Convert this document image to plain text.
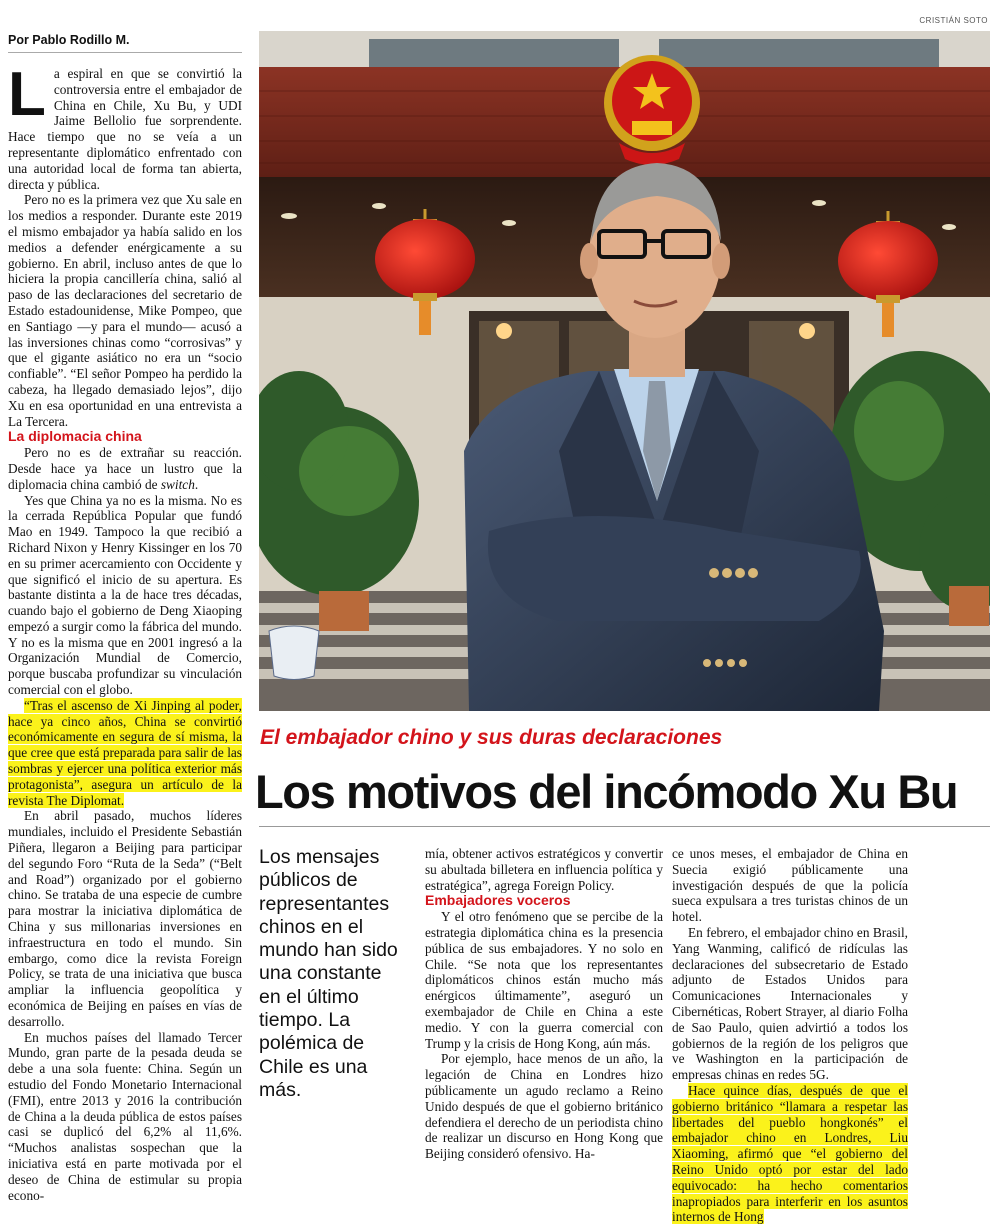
CRISTIÁN SOTO
Por Pablo Rodillo M.

La espiral en que se convirtió la controversia entre el embajador de China en Chile, Xu Bu, y UDI Jaime Bellolio fue sorprendente. Hace tiempo que no se veía a un representante diplomático enfrentado con una autoridad local de forma tan abierta, directa y pública.

Pero no es la primera vez que Xu sale en los medios a responder. Durante este 2019 el mismo embajador ya había salido en los medios a defender enérgicamente a su gobierno. En abril, incluso antes de que lo hiciera la propia cancillería china, salió al paso de las declaraciones del secretario de Estado estadounidense, Mike Pompeo, que en Santiago —y para el mundo— acusó a las inversiones chinas como “corrosivas” y que el gigante asiático no era un “socio confiable”. “El señor Pompeo ha perdido la cabeza, ha llegado demasiado lejos”, dijo Xu en esa oportunidad en una entrevista a La Tercera.

La diplomacia china

Pero no es de extrañar su reacción. Desde hace ya hace un lustro que la diplomacia china cambió de switch.

Yes que China ya no es la misma. No es la cerrada República Popular que fundó Mao en 1949. Tampoco la que recibió a Richard Nixon y Henry Kissinger en los 70 en su primer acercamiento con Occidente y que significó el inicio de su apertura. Es bastante distinta a la de hace tres décadas, cuando bajo el gobierno de Deng Xiaoping empezó a surgir como la fábrica del mundo. Y no es la misma que en 2001 ingresó a la Organización Mundial de Comercio, porque buscaba profundizar su vinculación comercial con el globo.

“Tras el ascenso de Xi Jinping al poder, hace ya cinco años, China se convirtió económicamente en segura de sí misma, la que cree que está preparada para salir de las sombras y ejercer una política exterior más protagonista”, asegura un artículo de la revista The Diplomat.

En abril pasado, muchos líderes mundiales, incluido el Presidente Sebastián Piñera, llegaron a Beijing para participar del segundo Foro “Ruta de la Seda” (“Belt and Road”) organizado por el gobierno chino. Se trataba de una especie de cumbre para mostrar la iniciativa diplomática de China y sus millonarias inversiones en infraestructura en todo el mundo. Sin embargo, como dice la revista Foreign Policy, se trata de una iniciativa que busca ampliar la influencia geopolítica y económica de Beijing en países en vías de desarrollo.

En muchos países del llamado Tercer Mundo, gran parte de la pesada deuda se debe a una sola fuente: China. Según un estudio del Fondo Monetario Internacional (FMI), entre 2013 y 2016 la contribución de China a la deuda pública de estos países casi se duplicó del 6,2% al 11,6%. “Muchos analistas sospechan que la iniciativa está en parte motivada por el deseo de China de estimular su propia econo-

El embajador chino y sus duras declaraciones
Los motivos del incómodo Xu Bu
Los mensajes públicos de representantes chinos en el mundo han sido una constante en el último tiempo. La polémica de Chile es una más.

mía, obtener activos estratégicos y convertir su abultada billetera en influencia política y estratégica”, agrega Foreign Policy.

Embajadores voceros

Y el otro fenómeno que se percibe de la estrategia diplomática china es la presencia pública de sus embajadores. Y no solo en Chile. “Se nota que los representantes diplomáticos chinos están mucho más enérgicos últimamente”, aseguró un exembajador de Chile en China a este medio. Y con la guerra comercial con Trump y la crisis de Hong Kong, aún más.

Por ejemplo, hace menos de un año, la legación de China en Londres hizo públicamente un agudo reclamo a Reino Unido después de que el gobierno británico defendiera el derecho de un periodista chino de realizar un discurso en Hong Kong que Beijing consideró ofensivo. Ha-

ce unos meses, el embajador de China en Suecia exigió públicamente una investigación después de que la policía sueca expulsara a tres turistas chinos de un hotel.

En febrero, el embajador chino en Brasil, Yang Wanming, calificó de ridículas las declaraciones del subsecretario de Estado adjunto de Estados Unidos para Comunicaciones Internacionales y Cibernéticas, Robert Strayer, al diario Folha de Sao Paulo, quien advirtió a todos los gobiernos de la región de los peligros que ve Washington en la participación de empresas chinas en redes 5G.

Hace quince días, después de que el gobierno británico “llamara a respetar las libertades del pueblo hongkonés” el embajador chino en Londres, Liu Xiaoming, afirmó que “el gobierno del Reino Unido optó por estar del lado equivocado: ha hecho comentarios inapropiados para interferir en los asuntos internos de Hong
